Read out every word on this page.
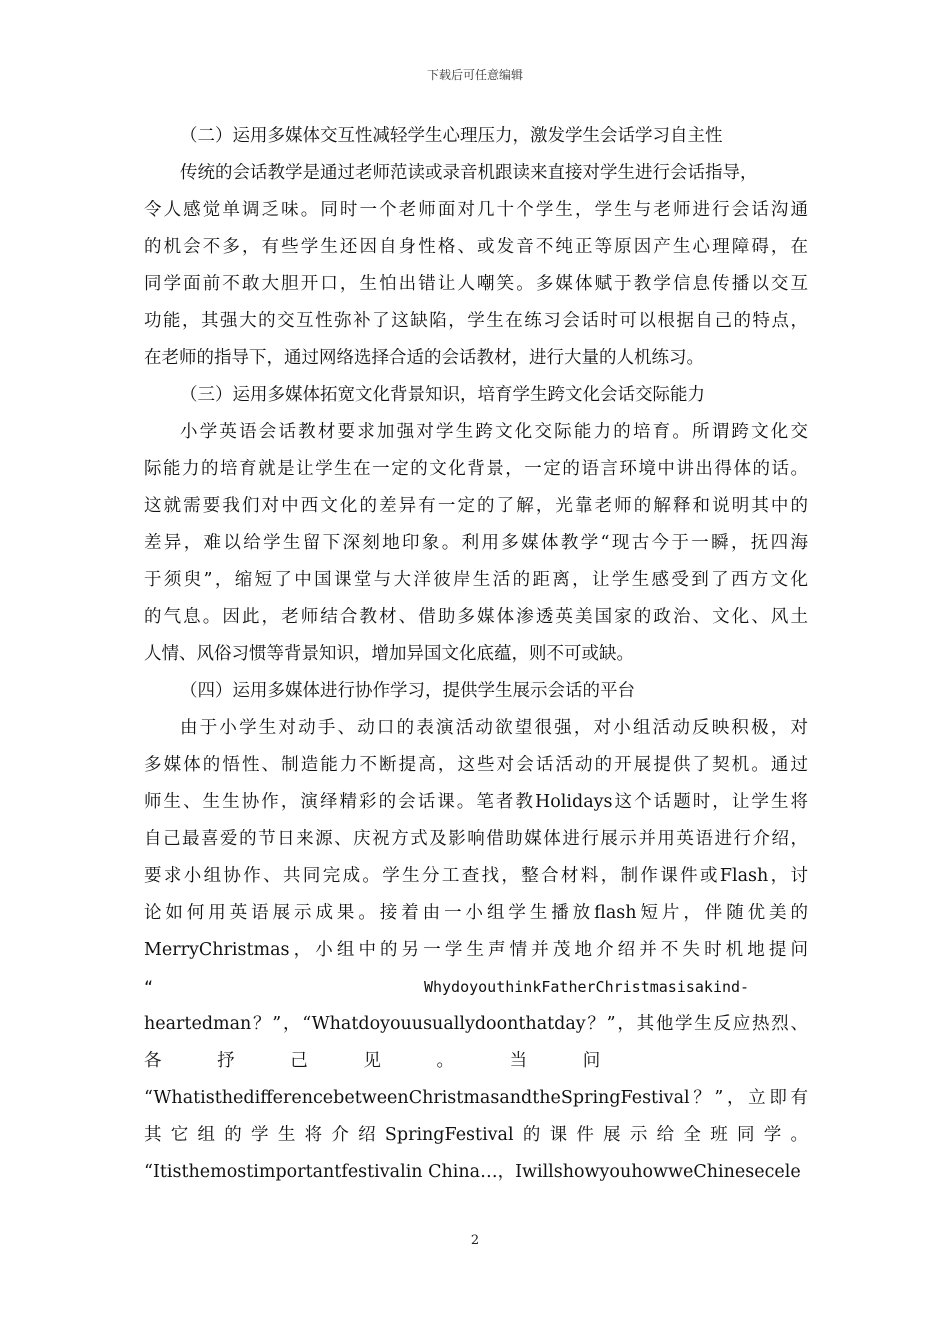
下载后可任意编辑
（二）运用多媒体交互性减轻学生心理压力，激发学生会话学习自主性
传统的会话教学是通过老师范读或录音机跟读来直接对学生进行会话指导，
令人感觉单调乏味。同时一个老师面对几十个学生，学生与老师进行会话沟通
的机会不多，有些学生还因自身性格、或发音不纯正等原因产生心理障碍，在
同学面前不敢大胆开口，生怕出错让人嘲笑。多媒体赋于教学信息传播以交互
功能，其强大的交互性弥补了这缺陷，学生在练习会话时可以根据自己的特点，
在老师的指导下，通过网络选择合适的会话教材，进行大量的人机练习。
（三）运用多媒体拓宽文化背景知识，培育学生跨文化会话交际能力
小学英语会话教材要求加强对学生跨文化交际能力的培育。所谓跨文化交
际能力的培育就是让学生在一定的文化背景，一定的语言环境中讲出得体的话。
这就需要我们对中西文化的差异有一定的了解，光靠老师的解释和说明其中的
差异，难以给学生留下深刻地印象。利用多媒体教学“现古今于一瞬，抚四海
于须臾”，缩短了中国课堂与大洋彼岸生活的距离，让学生感受到了西方文化
的气息。因此，老师结合教材、借助多媒体渗透英美国家的政治、文化、风土
人情、风俗习惯等背景知识，增加异国文化底蕴，则不可或缺。
（四）运用多媒体进行协作学习，提供学生展示会话的平台
由于小学生对动手、动口的表演活动欲望很强，对小组活动反映积极，对
多媒体的悟性、制造能力不断提高，这些对会话活动的开展提供了契机。通过
师生、生生协作，演绎精彩的会话课。笔者教Holidays这个话题时，让学生将
自己最喜爱的节日来源、庆祝方式及影响借助媒体进行展示并用英语进行介绍，
要求小组协作、共同完成。学生分工查找，整合材料，制作课件或Flash，讨
论如何用英语展示成果。接着由一小组学生播放flash短片，伴随优美的
MerryChristmas，小组中的另一学生声情并茂地介绍并不失时机地提问
“                              WhydoyouthinkFatherChristmasisakind-
heartedman？”，“Whatdoyouusuallydoonthatday？”，其他学生反应热烈、
各          抒          己          见          。          当          问
“WhatisthedifferencebetweenChristmasandtheSpringFestival？”，立即有
其它组的学生将介绍SpringFestival的课件展示给全班同学。
“Itisthemostimportantfestivalin China…，IwillshowyouhowweChinesecele
2
